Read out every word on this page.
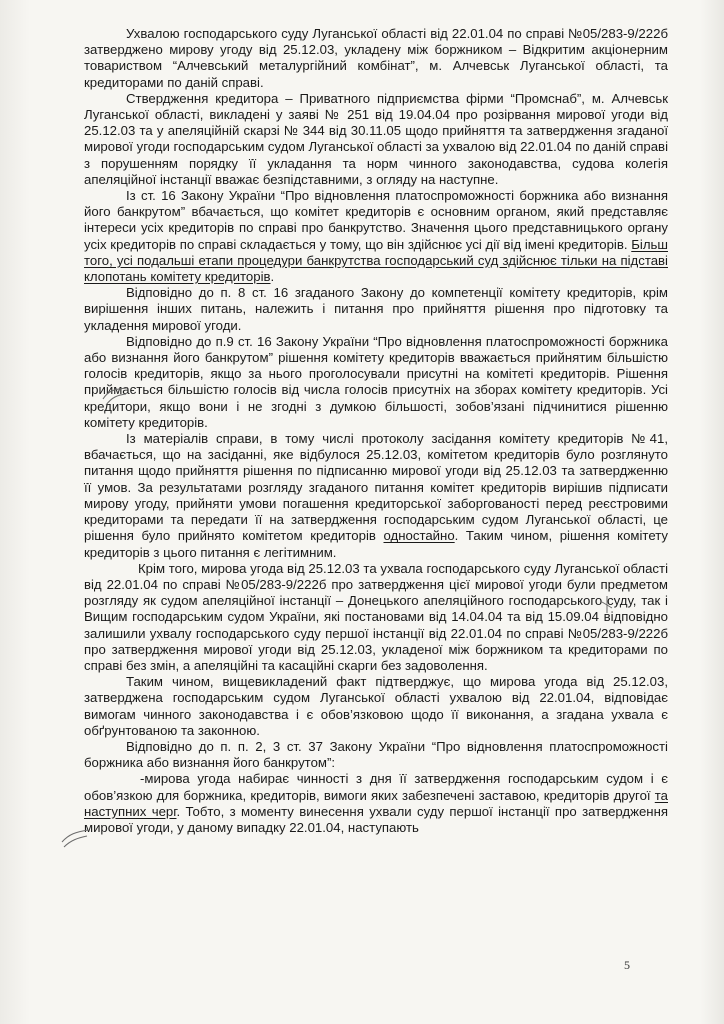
Ухвалою господарського суду Луганської області від 22.01.04 по справі №05/283-9/222б затверджено мирову угоду від 25.12.03, укладену між боржником – Відкритим акціонерним товариством “Алчевський металургійний комбінат”, м. Алчевськ Луганської області, та кредиторами по даній справі.

Ствердження кредитора – Приватного підприємства фірми “Промснаб”, м. Алчевськ Луганської області, викладені у заяві № 251 від 19.04.04 про розірвання мирової угоди від 25.12.03 та у апеляційній скарзі № 344 від 30.11.05 щодо прийняття та затвердження згаданої мирової угоди господарським судом Луганської області за ухвалою від 22.01.04 по даній справі з порушенням порядку її укладання та норм чинного законодавства, судова колегія апеляційної інстанції вважає безпідставними, з огляду на наступне.

Із ст. 16 Закону України “Про відновлення платоспроможності боржника або визнання його банкрутом” вбачається, що комітет кредиторів є основним органом, який представляє інтереси усіх кредиторів по справі про банкрутство. Значення цього представницького органу усіх кредиторів по справі складається у тому, що він здійснює усі дії від імені кредиторів. Більш того, усі подальші етапи процедури банкрутства господарський суд здійснює тільки на підставі клопотань комітету кредиторів.

Відповідно до п. 8 ст. 16 згаданого Закону до компетенції комітету кредиторів, крім вирішення інших питань, належить і питання про прийняття рішення про підготовку та укладення мирової угоди.

Відповідно до п.9 ст. 16 Закону України “Про відновлення платоспроможності боржника або визнання його банкрутом” рішення комітету кредиторів вважається прийнятим більшістю голосів кредиторів, якщо за нього проголосували присутні на комітеті кредиторів. Рішення приймається більшістю голосів від числа голосів присутніх на зборах комітету кредиторів. Усі кредитори, якщо вони і не згодні з думкою більшості, зобов’язані підчинитися рішенню комітету кредиторів.

Із матеріалів справи, в тому числі протоколу засідання комітету кредиторів №41, вбачається, що на засіданні, яке відбулося 25.12.03, комітетом кредиторів було розглянуто питання щодо прийняття рішення по підписанню мирової угоди від 25.12.03 та затвердженню її умов. За результатами розгляду згаданого питання комітет кредиторів вирішив підписати мирову угоду, прийняти умови погашення кредиторської заборгованості перед реєстровими кредиторами та передати її на затвердження господарським судом Луганської області, це рішення було прийнято комітетом кредиторів одностайно. Таким чином, рішення комітету кредиторів з цього питання є легітимним.

Крім того, мирова угода від 25.12.03 та ухвала господарського суду Луганської області від 22.01.04 по справі №05/283-9/222б про затвердження цієї мирової угоди були предметом розгляду як судом апеляційної інстанції – Донецького апеляційного господарського суду, так і Вищим господарським судом України, які постановами від 14.04.04 та від 15.09.04 відповідно залишили ухвалу господарського суду першої інстанції від 22.01.04 по справі №05/283-9/222б про затвердження мирової угоди від 25.12.03, укладеної між боржником та кредиторами по справі без змін, а апеляційні та касаційні скарги без задоволення.

Таким чином, вищевикладений факт підтверджує, що мирова угода від 25.12.03, затверджена господарським судом Луганської області ухвалою від 22.01.04, відповідає вимогам чинного законодавства і є обов’язковою щодо її виконання, а згадана ухвала є обґрунтованою та законною.

Відповідно до п. п. 2, 3 ст. 37 Закону України “Про відновлення платоспроможності боржника або визнання його банкрутом”:

-мирова угода набирає чинності з дня її затвердження господарським судом і є обов’язкою для боржника, кредиторів, вимоги яких забезпечені заставою, кредиторів другої та наступних черг. Тобто, з моменту винесення ухвали суду першої інстанції про затвердження мирової угоди, у даному випадку 22.01.04, наступають

5
